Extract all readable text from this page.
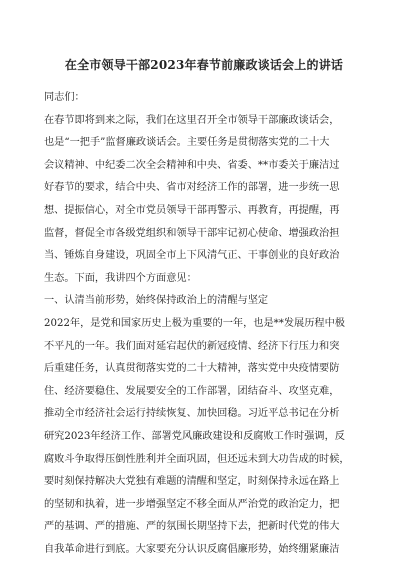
在全市领导干部2023年春节前廉政谈话会上的讲话
同志们：
在春节即将到来之际，我们在这里召开全市领导干部廉政谈话会，
也是“一把手”监督廉政谈话会。主要任务是贯彻落实党的二十大
会议精神、中纪委二次全会精神和中央、省委、**市委关于廉洁过
好春节的要求，结合中央、省市对经济工作的部署，进一步统一思
想、提振信心，对全市党员领导干部再警示、再教育，再提醒，再
监督，督促全市各级党组织和领导干部牢记初心使命、增强政治担
当、锤炼自身建设，巩固全市上下风清气正、干事创业的良好政治
生态。下面，我讲四个方面意见：
一、认清当前形势，始终保持政治上的清醒与坚定
2022年，是党和国家历史上极为重要的一年，也是**发展历程中极
不平凡的一年。我们面对延宕起伏的新冠疫情、经济下行压力和突
后重建任务，认真贯彻落实党的二十大精神，落实党中央疫情要防
住、经济要稳住、发展要安全的工作部署，团结奋斗、攻坚克难，
推动全市经济社会运行持续恢复、加快回稳。习近平总书记在分析
研究2023年经济工作、部署党风廉政建设和反腐败工作时强调，反
腐败斗争取得压倒性胜利并全面巩固，但还远未到大功告成的时候，
要时刻保持解决大党独有难题的清醒和坚定，时刻保持永远在路上
的坚韧和执着，进一步增强坚定不移全面从严治党的政治定力，把
严的基调、严的措施、严的氛围长期坚持下去，把新时代党的伟大
自我革命进行到底。大家要充分认识反腐倡廉形势，始终绷紧廉洁
